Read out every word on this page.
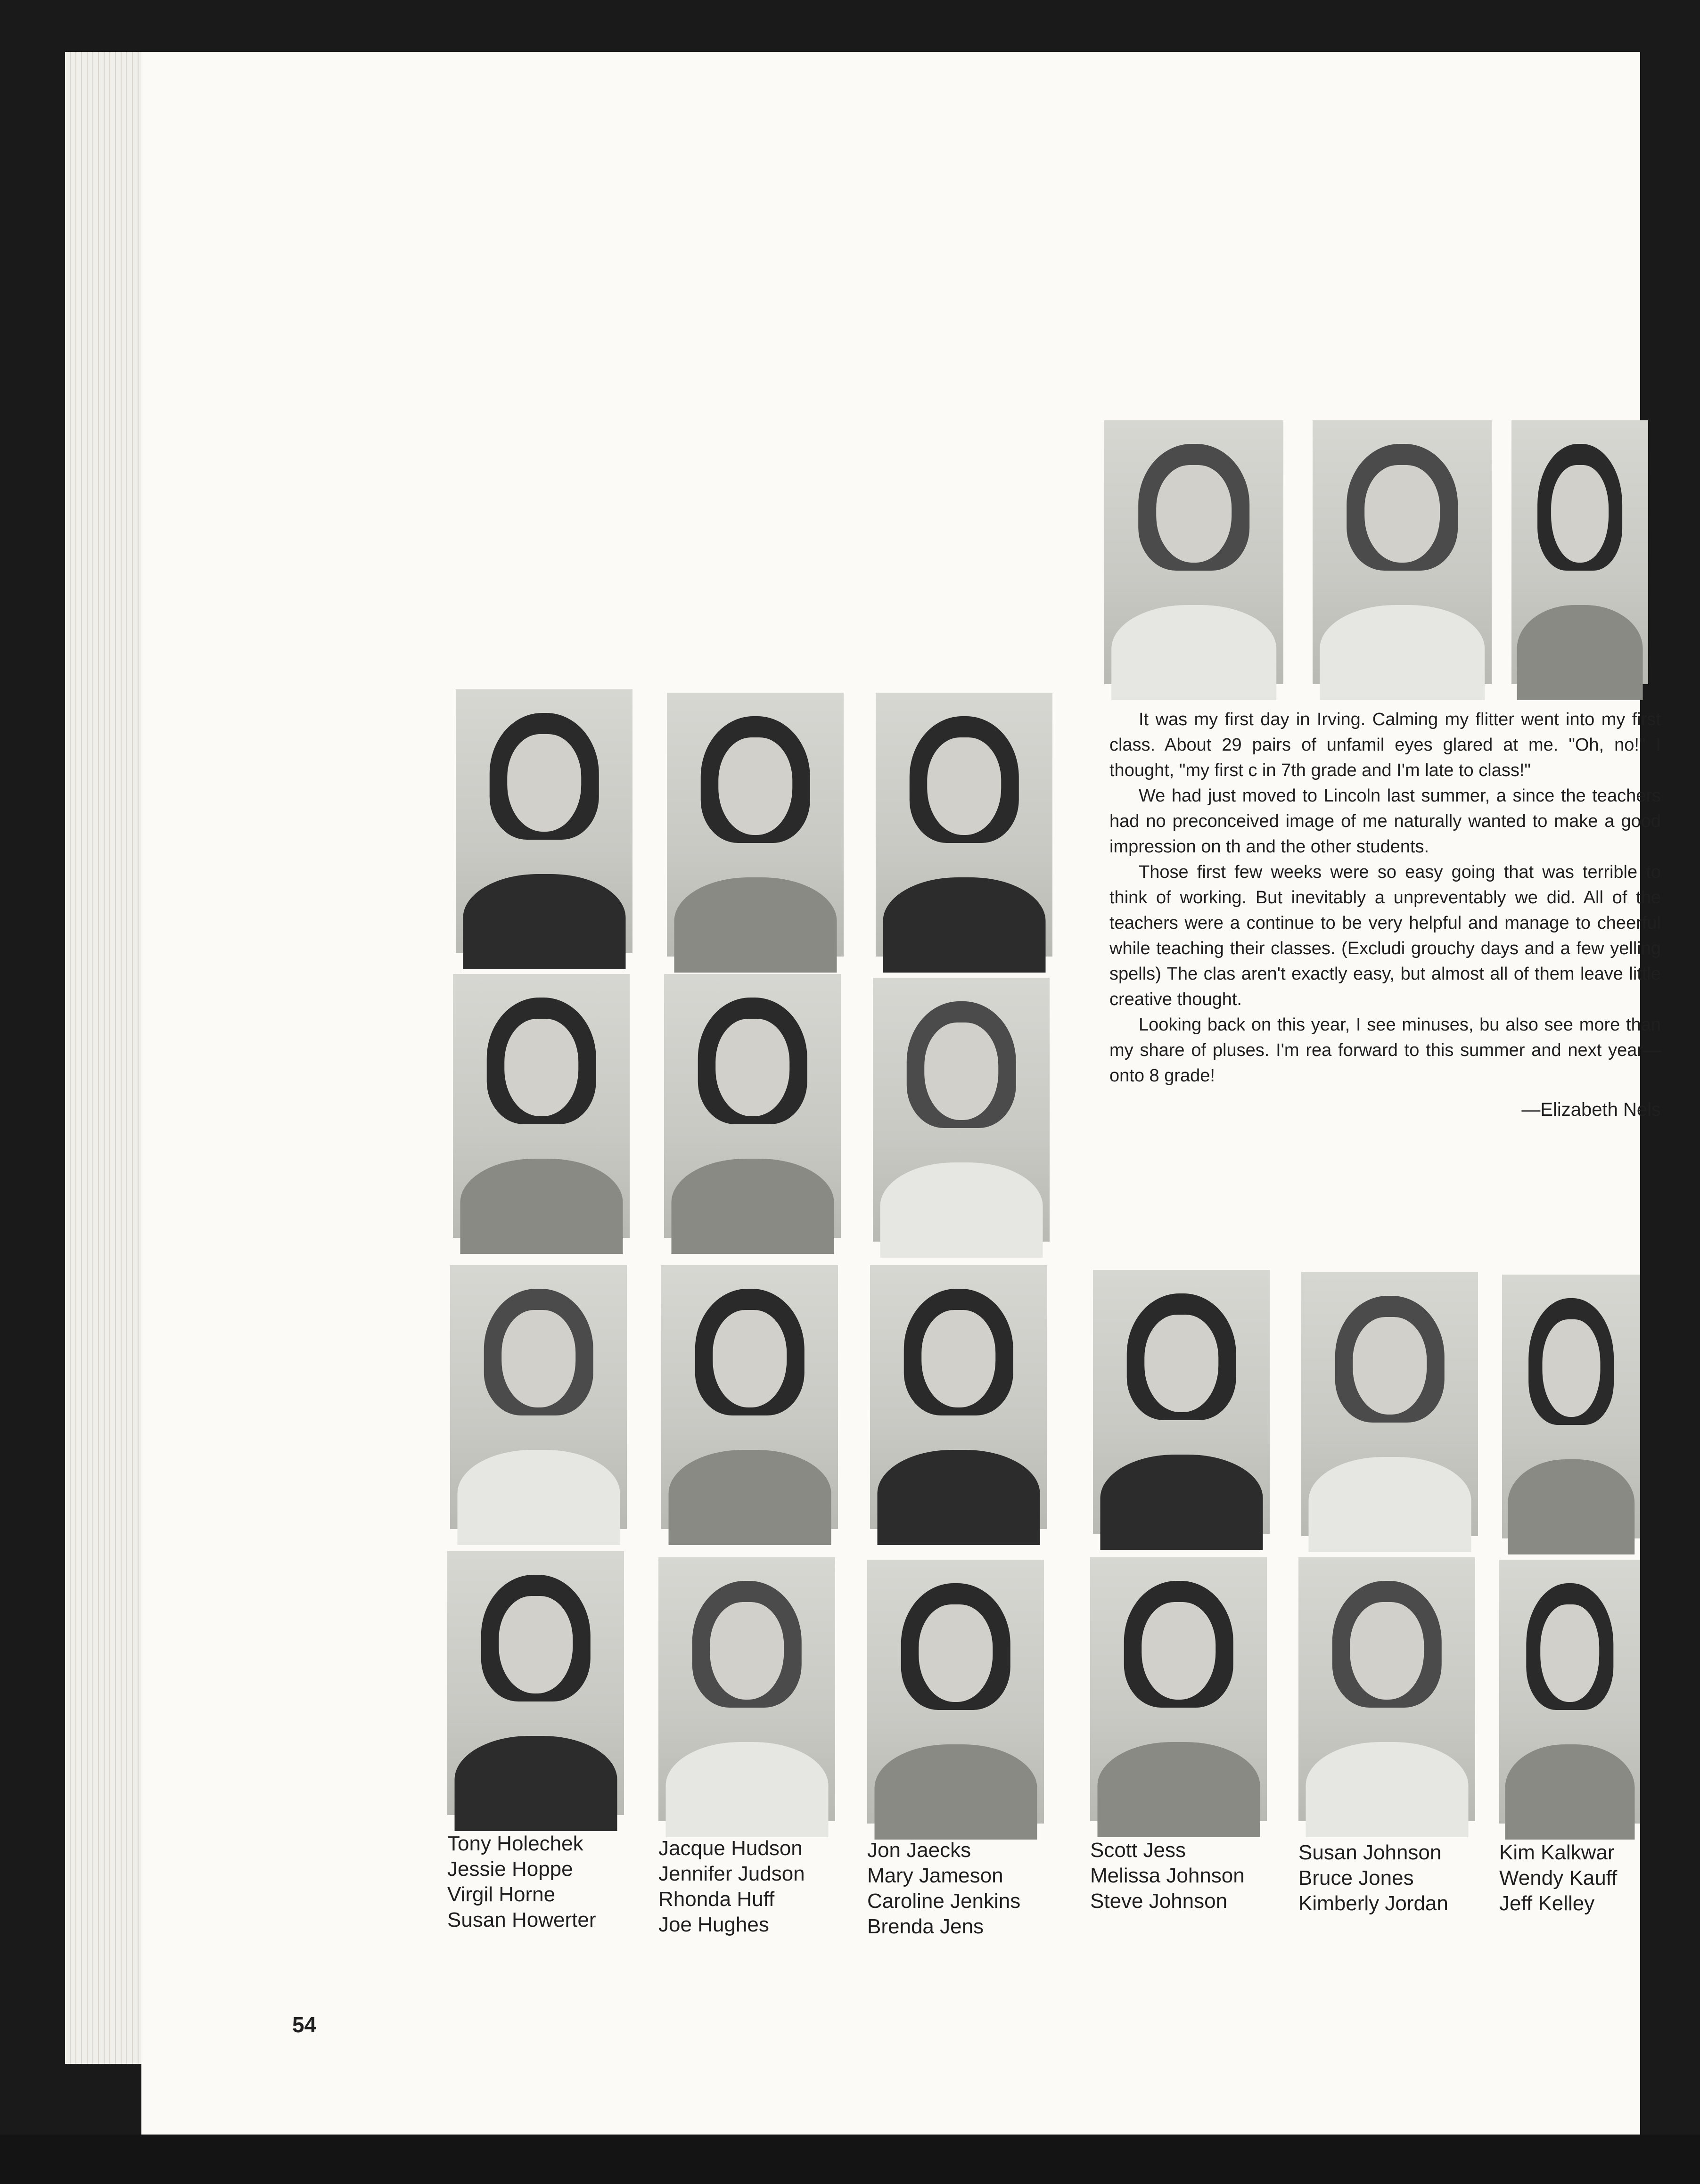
It was my first day in Irving. Calming my flitter went into my first class. About 29 pairs of unfamil eyes glared at me. "Oh, no!" I thought, "my first c in 7th grade and I'm late to class!"

We had just moved to Lincoln last summer, a since the teachers had no preconceived image of me naturally wanted to make a good impression on th and the other students.

Those first few weeks were so easy going that was terrible to think of working. But inevitably a unpreventably we did. All of the teachers were a continue to be very helpful and manage to cheerful while teaching their classes. (Excludi grouchy days and a few yelling spells) The clas aren't exactly easy, but almost all of them leave little creative thought.

Looking back on this year, I see minuses, bu also see more than my share of pluses. I'm rea forward to this summer and next year—onto 8 grade!

—Elizabeth Nels

Tony Holechek
Jessie Hoppe
Virgil Horne
Susan Howerter
Jacque Hudson
Jennifer Judson
Rhonda Huff
Joe Hughes
Jon Jaecks
Mary Jameson
Caroline Jenkins
Brenda Jens
Scott Jess
Melissa Johnson
Steve Johnson
Susan Johnson
Bruce Jones
Kimberly Jordan
Kim Kalkwar
Wendy Kauff
Jeff Kelley
54
